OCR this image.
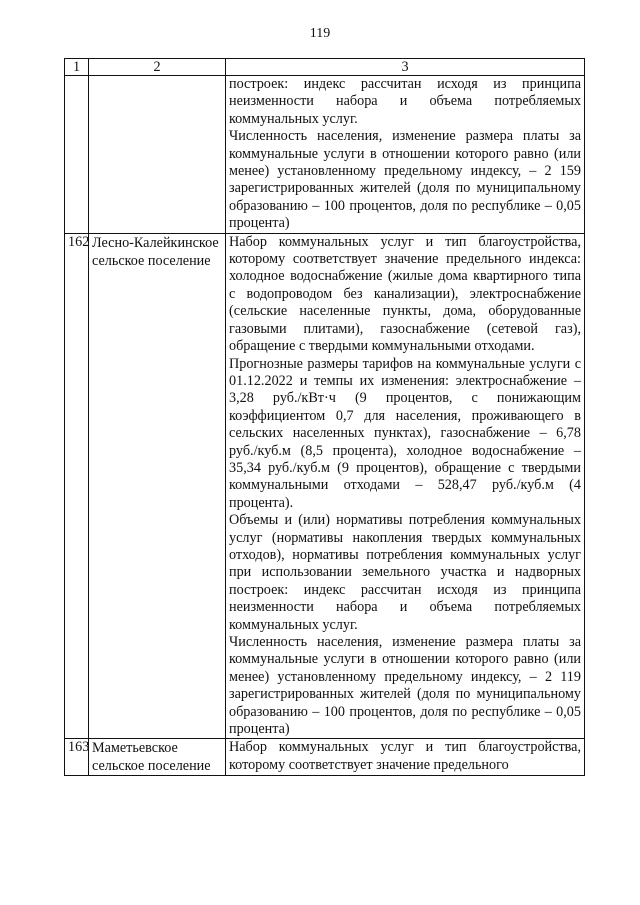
119
1	2	3

		построек: индекс рассчитан исходя из принципа неизменности набора и объема потребляемых коммунальных услуг.
Численность населения, изменение размера платы за коммунальные услуги в отношении которого равно (или менее) установленному предельному индексу, – 2 159 зарегистрированных жителей (доля по муниципальному образованию – 100 процентов, доля по республике – 0,05 процента)

162	Лесно-Калейкинское сельское поселение	Набор коммунальных услуг и тип благоустройства, которому соответствует значение предельного индекса: холодное водоснабжение (жилые дома квартирного типа с водопроводом без канализации), электроснабжение (сельские населенные пункты, дома, оборудованные газовыми плитами), газоснабжение (сетевой газ), обращение с твердыми коммунальными отходами.
Прогнозные размеры тарифов на коммунальные услуги с 01.12.2022 и темпы их изменения: электроснабжение – 3,28 руб./кВт·ч (9 процентов, с понижающим коэффициентом 0,7 для населения, проживающего в сельских населенных пунктах), газоснабжение – 6,78 руб./куб.м (8,5 процента), холодное водоснабжение – 35,34 руб./куб.м (9 процентов), обращение с твердыми коммунальными отходами – 528,47 руб./куб.м (4 процента).
Объемы и (или) нормативы потребления коммунальных услуг (нормативы накопления твердых коммунальных отходов), нормативы потребления коммунальных услуг при использовании земельного участка и надворных построек: индекс рассчитан исходя из принципа неизменности набора и объема потребляемых коммунальных услуг.
Численность населения, изменение размера платы за коммунальные услуги в отношении которого равно (или менее) установленному предельному индексу, – 2 119 зарегистрированных жителей (доля по муниципальному образованию – 100 процентов, доля по республике – 0,05 процента)

163	Маметьевское сельское поселение	Набор коммунальных услуг и тип благоустройства, которому соответствует значение предельного
